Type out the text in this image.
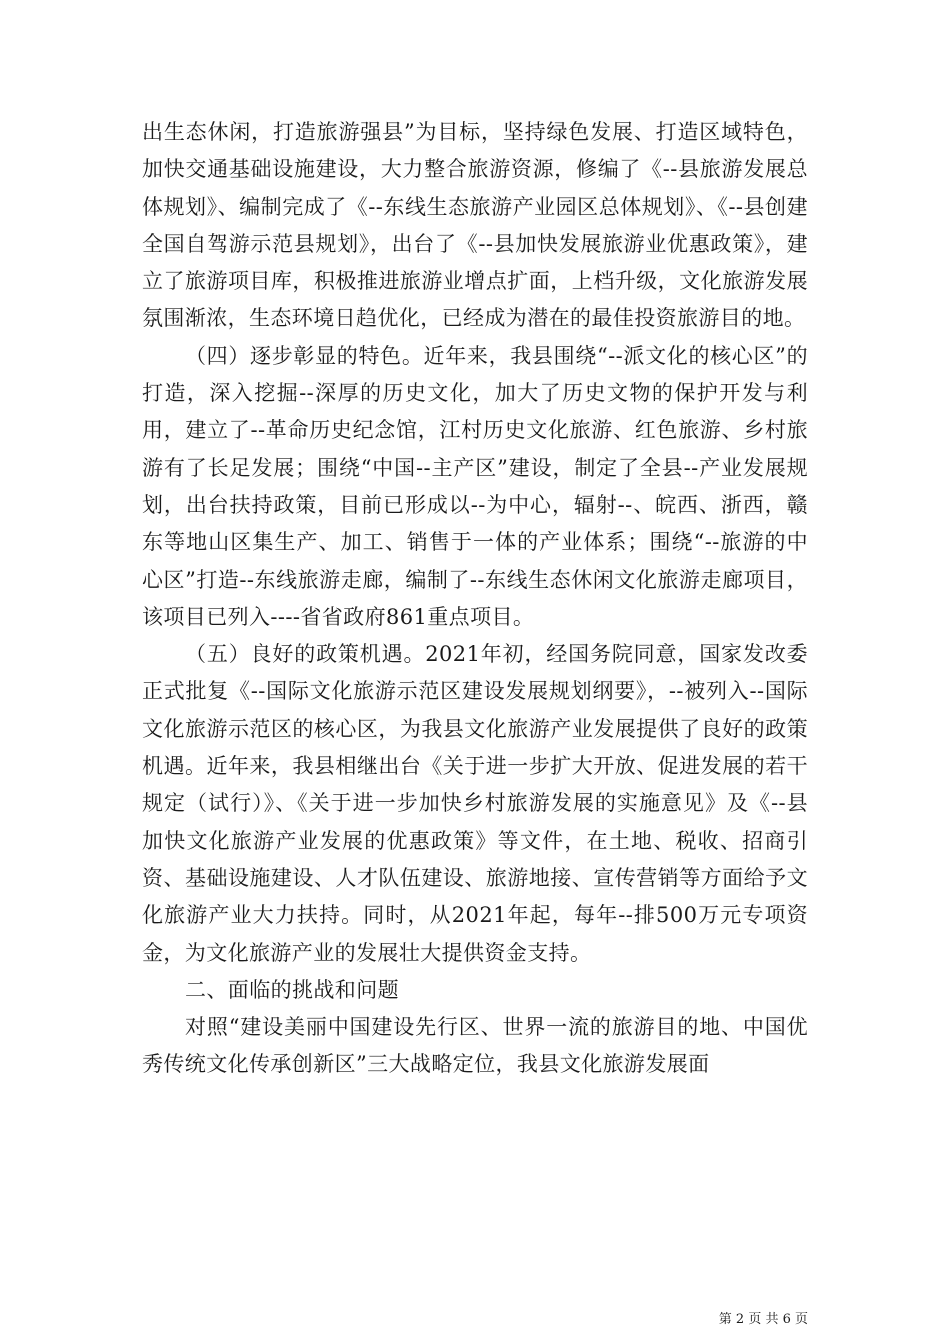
出生态休闲，打造旅游强县”为目标，坚持绿色发展、打造区域特色，加快交通基础设施建设，大力整合旅游资源，修编了《--县旅游发展总体规划》、编制完成了《--东线生态旅游产业园区总体规划》、《--县创建全国自驾游示范县规划》，出台了《--县加快发展旅游业优惠政策》，建立了旅游项目库，积极推进旅游业增点扩面，上档升级，文化旅游发展氛围渐浓，生态环境日趋优化，已经成为潜在的最佳投资旅游目的地。

（四）逐步彰显的特色。近年来，我县围绕“--派文化的核心区”的打造，深入挖掘--深厚的历史文化，加大了历史文物的保护开发与利用，建立了--革命历史纪念馆，江村历史文化旅游、红色旅游、乡村旅游有了长足发展；围绕“中国--主产区”建设，制定了全县--产业发展规划，出台扶持政策，目前已形成以--为中心，辐射--、皖西、浙西，赣东等地山区集生产、加工、销售于一体的产业体系；围绕“--旅游的中心区”打造--东线旅游走廊，编制了--东线生态休闲文化旅游走廊项目，该项目已列入----省省政府861重点项目。

（五）良好的政策机遇。2021年初，经国务院同意，国家发改委正式批复《--国际文化旅游示范区建设发展规划纲要》，--被列入--国际文化旅游示范区的核心区，为我县文化旅游产业发展提供了良好的政策机遇。近年来，我县相继出台《关于进一步扩大开放、促进发展的若干规定（试行）》、《关于进一步加快乡村旅游发展的实施意见》及《--县加快文化旅游产业发展的优惠政策》等文件，在土地、税收、招商引资、基础设施建设、人才队伍建设、旅游地接、宣传营销等方面给予文化旅游产业大力扶持。同时，从2021年起，每年--排500万元专项资金，为文化旅游产业的发展壮大提供资金支持。

二、面临的挑战和问题

对照“建设美丽中国建设先行区、世界一流的旅游目的地、中国优秀传统文化传承创新区”三大战略定位，我县文化旅游发展面

第 2 页 共 6 页
